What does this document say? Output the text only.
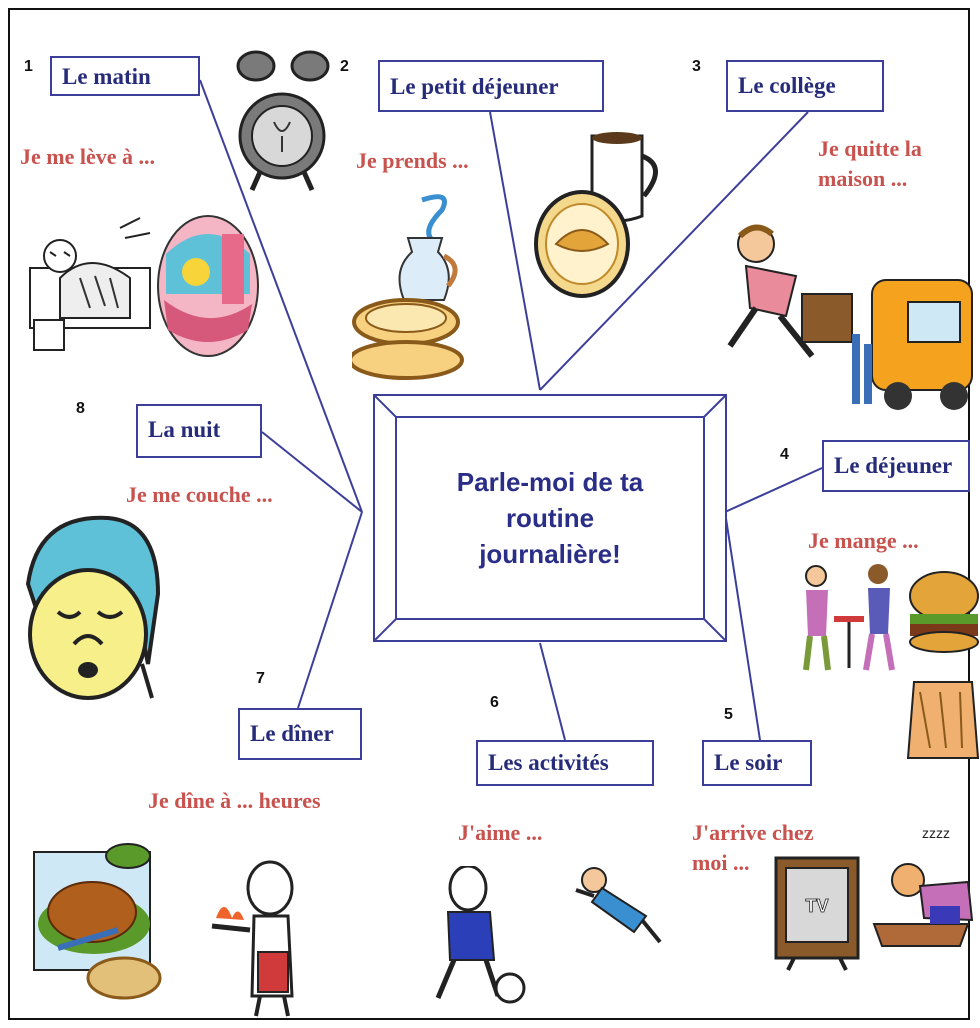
Parle-moi de ta routine journalière!
1	Le matin
Je me lève à ...
2
Le petit déjeuner
Je prends ...
3
Le collège
Je quitte la maison ...
4	Le déjeuner
Je mange ...
5
Le soir
J'arrive chez moi ...
6
Les activités
J'aime ...
7
Le dîner
Je dîne à ... heures
8
La nuit
Je me couche ...
TV
zzzz
